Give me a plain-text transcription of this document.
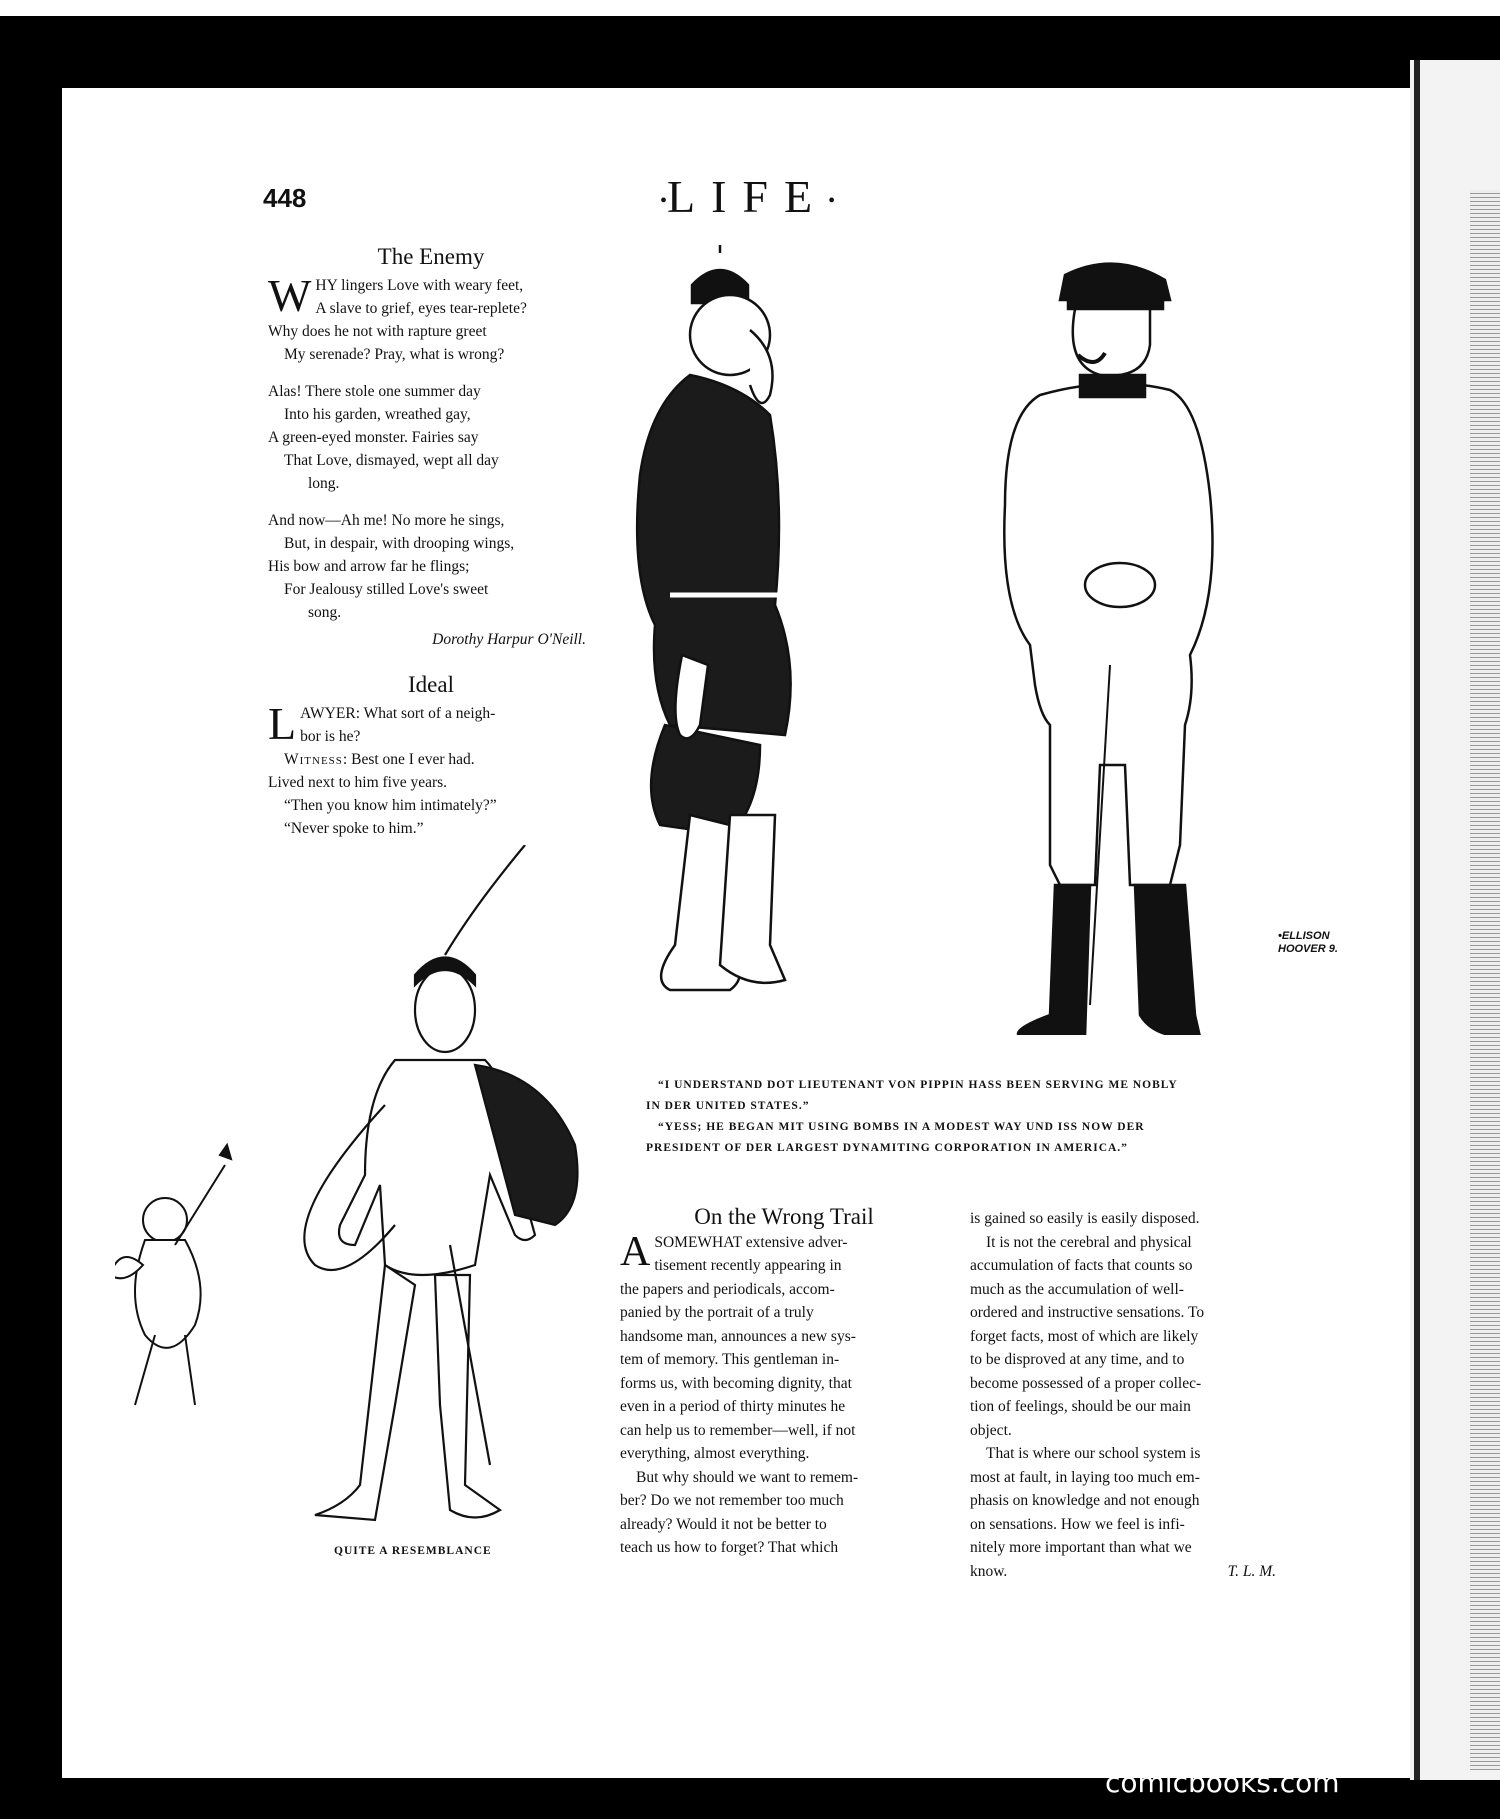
448	•LIFE•
The Enemy
W HY lingers Love with weary feet,
A slave to grief, eyes tear-replete?
Why does he not with rapture greet
My serenade? Pray, what is wrong?
Alas! There stole one summer day
Into his garden, wreathed gay,
A green-eyed monster. Fairies say
That Love, dismayed, wept all day
long.
And now—Ah me! No more he sings,
But, in despair, with drooping wings,
His bow and arrow far he flings;
For Jealousy stilled Love's sweet
song.
Dorothy Harpur O'Neill.
Ideal
L AWYER: What sort of a neigh-
bor is he?
Witness: Best one I ever had.
Lived next to him five years.
“Then you know him intimately?”
“Never spoke to him.”
•ELLISON
HOOVER 9.

“I UNDERSTAND DOT LIEUTENANT VON PIPPIN HASS BEEN SERVING ME NOBLY

IN DER UNITED STATES.”

“YESS; HE BEGAN MIT USING BOMBS IN A MODEST WAY UND ISS NOW DER

PRESIDENT OF DER LARGEST DYNAMITING CORPORATION IN AMERICA.”

QUITE A RESEMBLANCE
On the Wrong Trail

A SOMEWHAT extensive adver-
tisement recently appearing in
the papers and periodicals, accom-
panied by the portrait of a truly
handsome man, announces a new sys-
tem of memory. This gentleman in-
forms us, with becoming dignity, that
even in a period of thirty minutes he
can help us to remember—well, if not
everything, almost everything.

But why should we want to remem-
ber? Do we not remember too much
already? Would it not be better to
teach us how to forget? That which

is gained so easily is easily disposed.

It is not the cerebral and physical
accumulation of facts that counts so
much as the accumulation of well-
ordered and instructive sensations. To
forget facts, most of which are likely
to be disproved at any time, and to
become possessed of a proper collec-
tion of feelings, should be our main
object.

That is where our school system is
most at fault, in laying too much em-
phasis on knowledge and not enough
on sensations. How we feel is infi-
nitely more important than what we
know.	T. L. M.

comicbooks.com
